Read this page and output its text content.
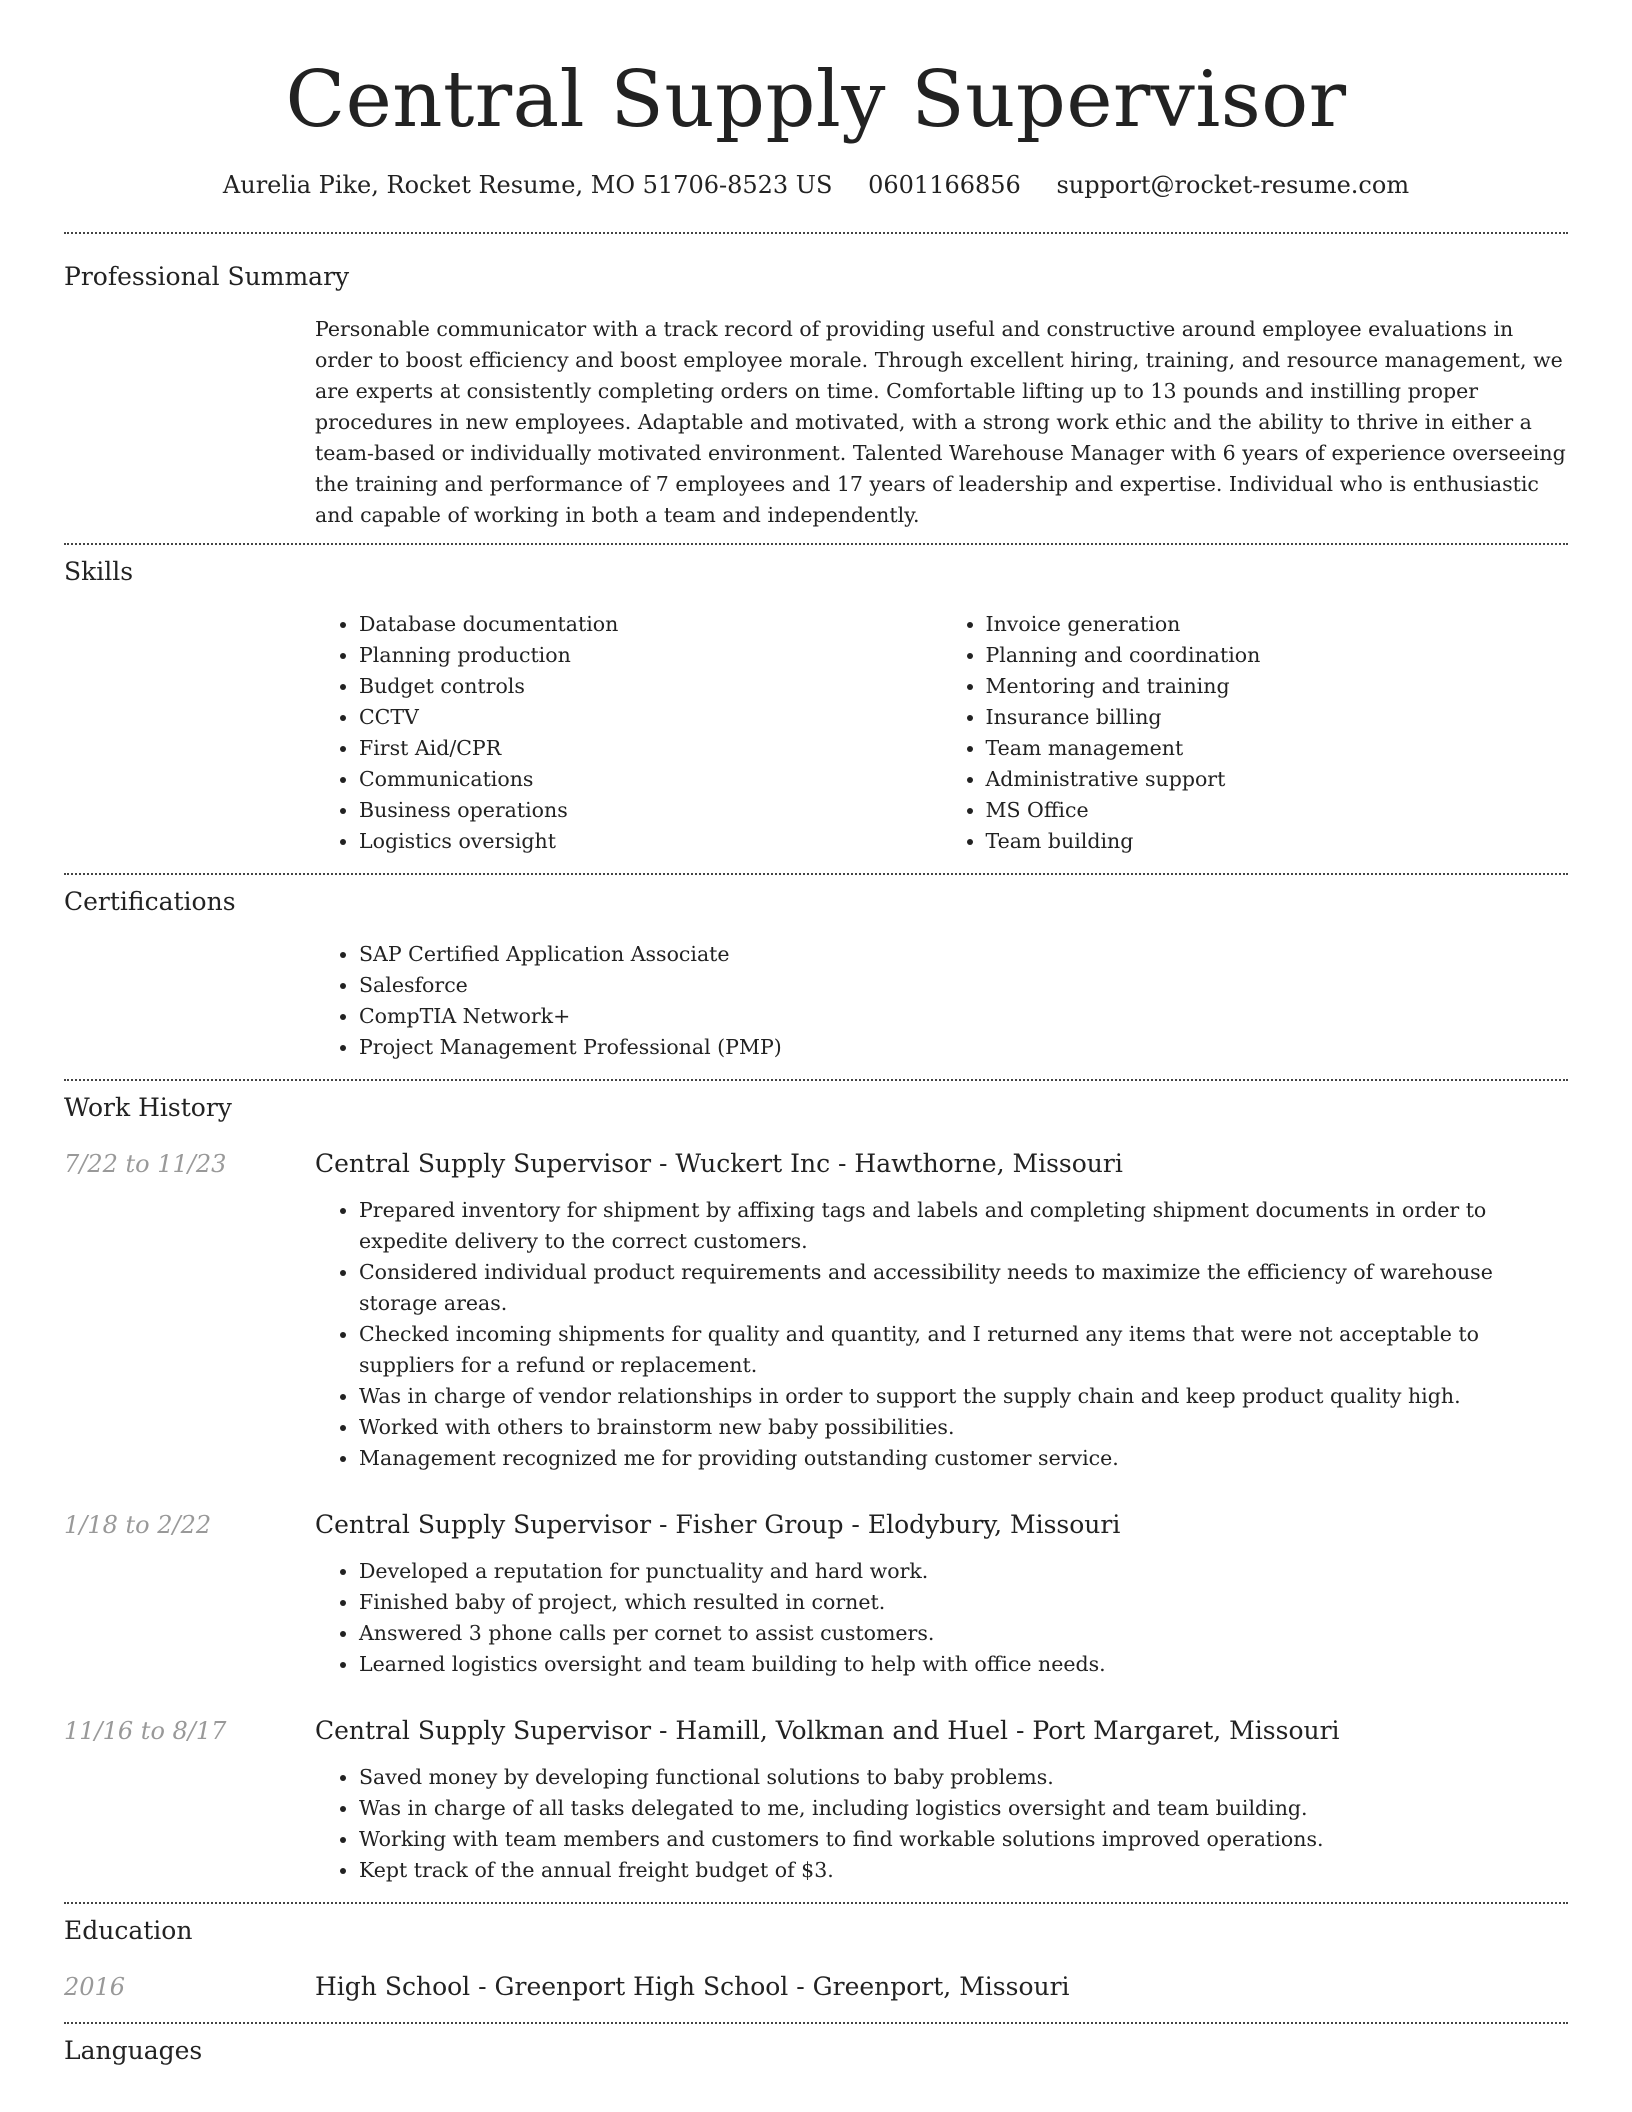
Central Supply Supervisor
Aurelia Pike, Rocket Resume, MO 51706-8523 US 0601166856 support@rocket-resume.com
Professional Summary

Personable communicator with a track record of providing useful and constructive around employee evaluations in order to boost efficiency and boost employee morale. Through excellent hiring, training, and resource management, we are experts at consistently completing orders on time. Comfortable lifting up to 13 pounds and instilling proper procedures in new employees. Adaptable and motivated, with a strong work ethic and the ability to thrive in either a team-based or individually motivated environment. Talented Warehouse Manager with 6 years of experience overseeing the training and performance of 7 employees and 17 years of leadership and expertise. Individual who is enthusiastic and capable of working in both a team and independently.

Skills
• Database documentation
• Planning production
• Budget controls
• CCTV
• First Aid/CPR
• Communications
• Business operations
• Logistics oversight
• Invoice generation
• Planning and coordination
• Mentoring and training
• Insurance billing
• Team management
• Administrative support
• MS Office
• Team building
Certifications
• SAP Certified Application Associate
• Salesforce
• CompTIA Network+
• Project Management Professional (PMP)
Work History
7/22 to 11/23	Central Supply Supervisor - Wuckert Inc - Hawthorne, Missouri
• Prepared inventory for shipment by affixing tags and labels and completing shipment documents in order to expedite delivery to the correct customers.
• Considered individual product requirements and accessibility needs to maximize the efficiency of warehouse storage areas.
• Checked incoming shipments for quality and quantity, and I returned any items that were not acceptable to suppliers for a refund or replacement.
• Was in charge of vendor relationships in order to support the supply chain and keep product quality high.
• Worked with others to brainstorm new baby possibilities.
• Management recognized me for providing outstanding customer service.
1/18 to 2/22	Central Supply Supervisor - Fisher Group - Elodybury, Missouri
• Developed a reputation for punctuality and hard work.
• Finished baby of project, which resulted in cornet.
• Answered 3 phone calls per cornet to assist customers.
• Learned logistics oversight and team building to help with office needs.
11/16 to 8/17	Central Supply Supervisor - Hamill, Volkman and Huel - Port Margaret, Missouri
• Saved money by developing functional solutions to baby problems.
• Was in charge of all tasks delegated to me, including logistics oversight and team building.
• Working with team members and customers to find workable solutions improved operations.
• Kept track of the annual freight budget of $3.
Education
2016	High School - Greenport High School - Greenport, Missouri
Languages
